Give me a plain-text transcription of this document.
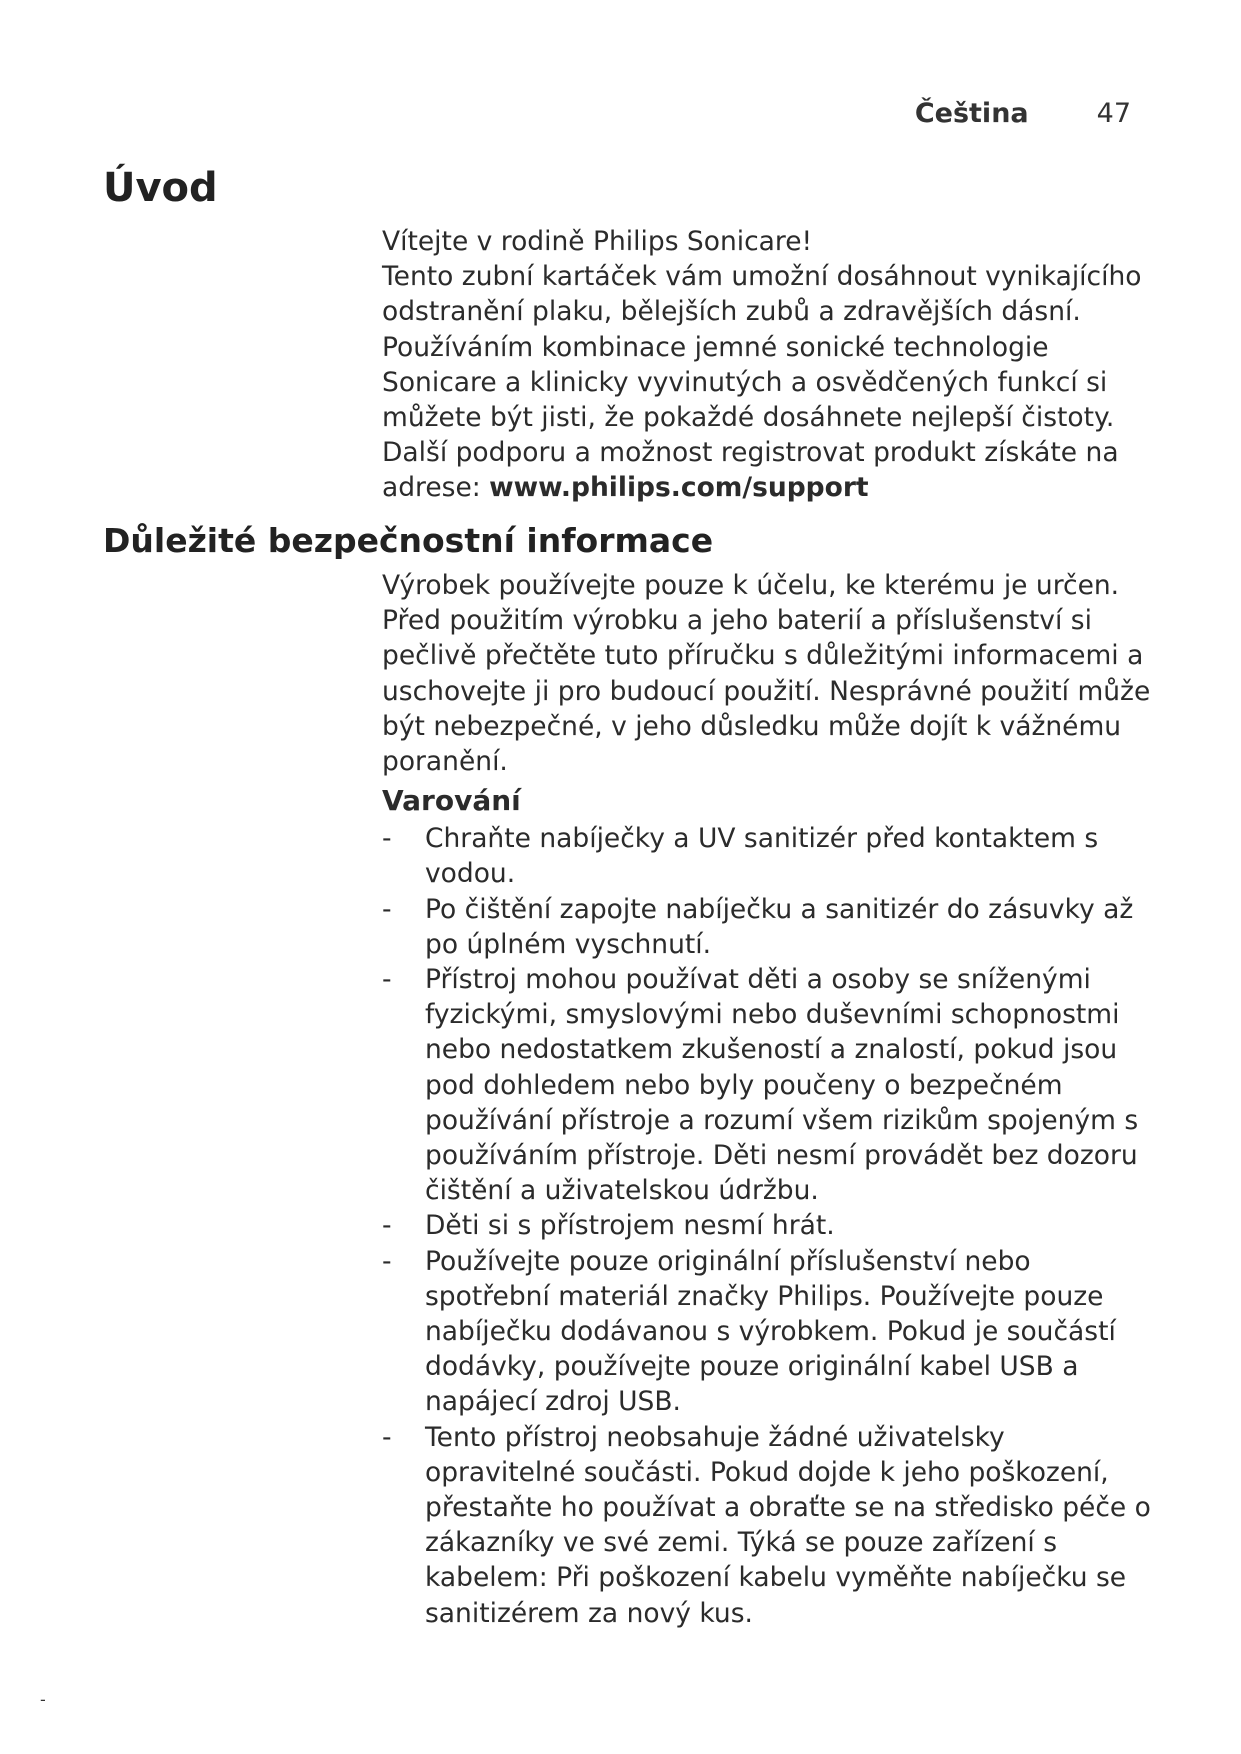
Čeština	47
Úvod

Vítejte v rodině Philips Sonicare!

Tento zubní kartáček vám umožní dosáhnout vynikajícího odstranění plaku, bělejších zubů a zdravějších dásní. Používáním kombinace jemné sonické technologie Sonicare a klinicky vyvinutých a osvědčených funkcí si můžete být jisti, že pokaždé dosáhnete nejlepší čistoty. Další podporu a možnost registrovat produkt získáte na adrese: www.philips.com/support

Důležité bezpečnostní informace

Výrobek používejte pouze k účelu, ke kterému je určen. Před použitím výrobku a jeho baterií a příslušenství si pečlivě přečtěte tuto příručku s důležitými informacemi a uschovejte ji pro budoucí použití. Nesprávné použití může být nebezpečné, v jeho důsledku může dojít k vážnému poranění.

Varování
- Chraňte nabíječky a UV sanitizér před kontaktem s vodou.
- Po čištění zapojte nabíječku a sanitizér do zásuvky až po úplném vyschnutí.
- Přístroj mohou používat děti a osoby se sníženými fyzickými, smyslovými nebo duševními schopnostmi nebo nedostatkem zkušeností a znalostí, pokud jsou pod dohledem nebo byly poučeny o bezpečném používání přístroje a rozumí všem rizikům spojeným s používáním přístroje. Děti nesmí provádět bez dozoru čištění a uživatelskou údržbu.
- Děti si s přístrojem nesmí hrát.
- Používejte pouze originální příslušenství nebo spotřební materiál značky Philips. Používejte pouze nabíječku dodávanou s výrobkem. Pokud je součástí dodávky, používejte pouze originální kabel USB a napájecí zdroj USB.
- Tento přístroj neobsahuje žádné uživatelsky opravitelné součásti. Pokud dojde k jeho poškození, přestaňte ho používat a obraťte se na středisko péče o zákazníky ve své zemi. Týká se pouze zařízení s kabelem: Při poškození kabelu vyměňte nabíječku se sanitizérem za nový kus.
-
